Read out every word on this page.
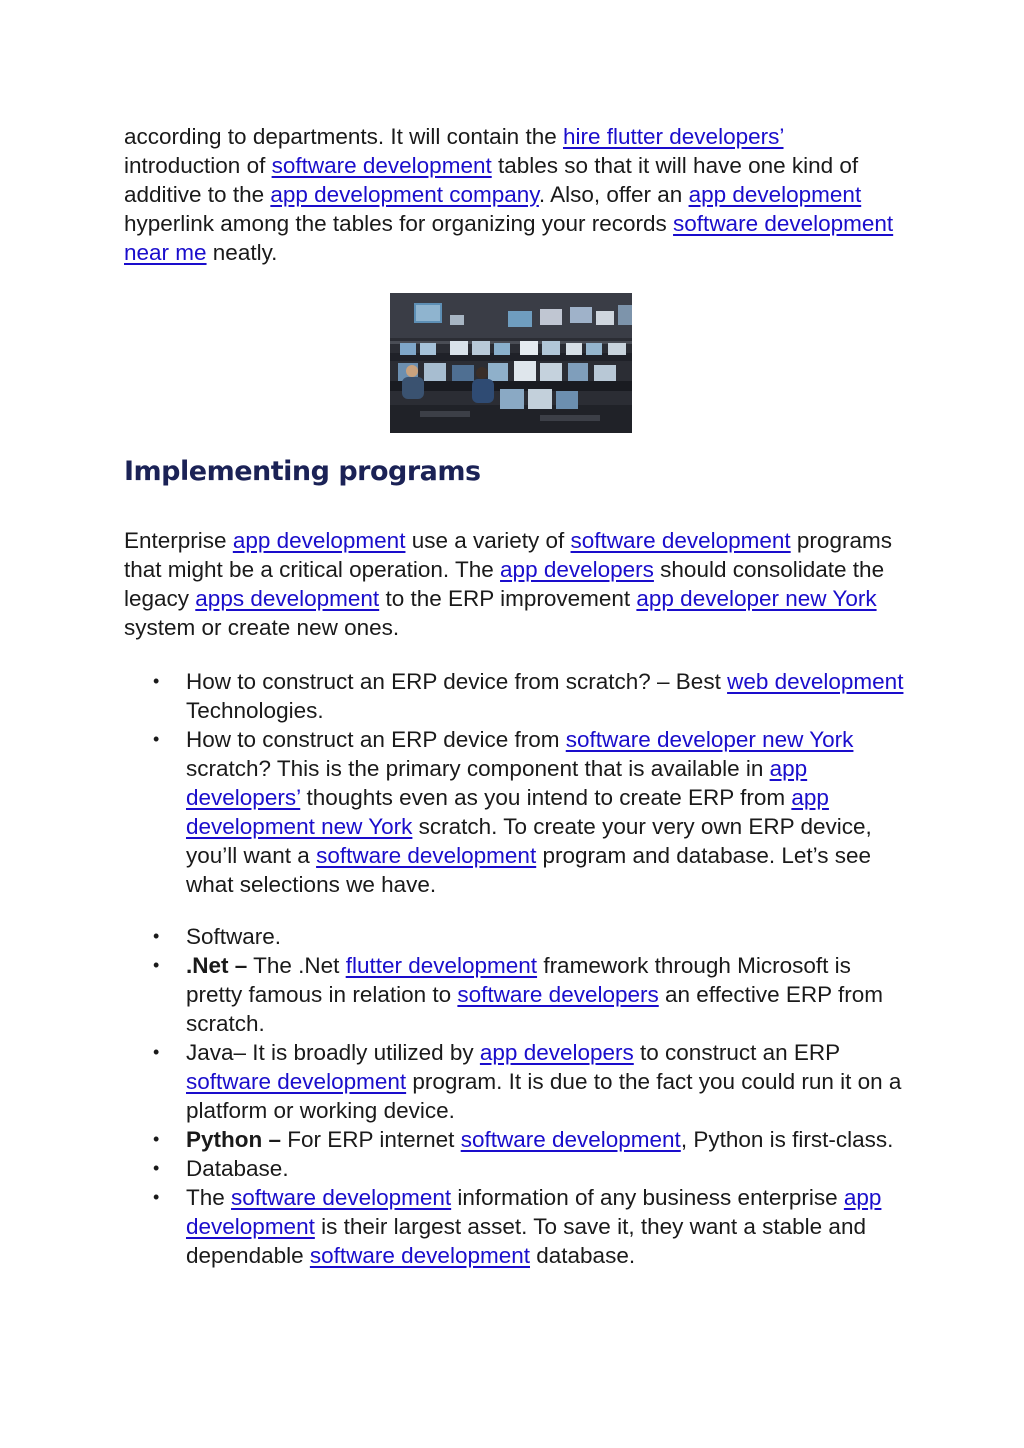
according to departments. It will contain the hire flutter developers’ introduction of software development tables so that it will have one kind of additive to the app development company. Also, offer an app development hyperlink among the tables for organizing your records software development near me neatly.

Implementing programs

Enterprise app development use a variety of software development programs that might be a critical operation. The app developers should consolidate the legacy apps development to the ERP improvement app developer new York system or create new ones.

• How to construct an ERP device from scratch? – Best web development Technologies.
• How to construct an ERP device from software developer new York scratch? This is the primary component that is available in app developers’ thoughts even as you intend to create ERP from app development new York scratch. To create your very own ERP device, you’ll want a software development program and database. Let’s see what selections we have.
• Software.
• .Net – The .Net flutter development framework through Microsoft is pretty famous in relation to software developers an effective ERP from scratch.
• Java– It is broadly utilized by app developers to construct an ERP software development program. It is due to the fact you could run it on a platform or working device.
• Python – For ERP internet software development, Python is first-class.
• Database.
• The software development information of any business enterprise app development is their largest asset. To save it, they want a stable and dependable software development database.
